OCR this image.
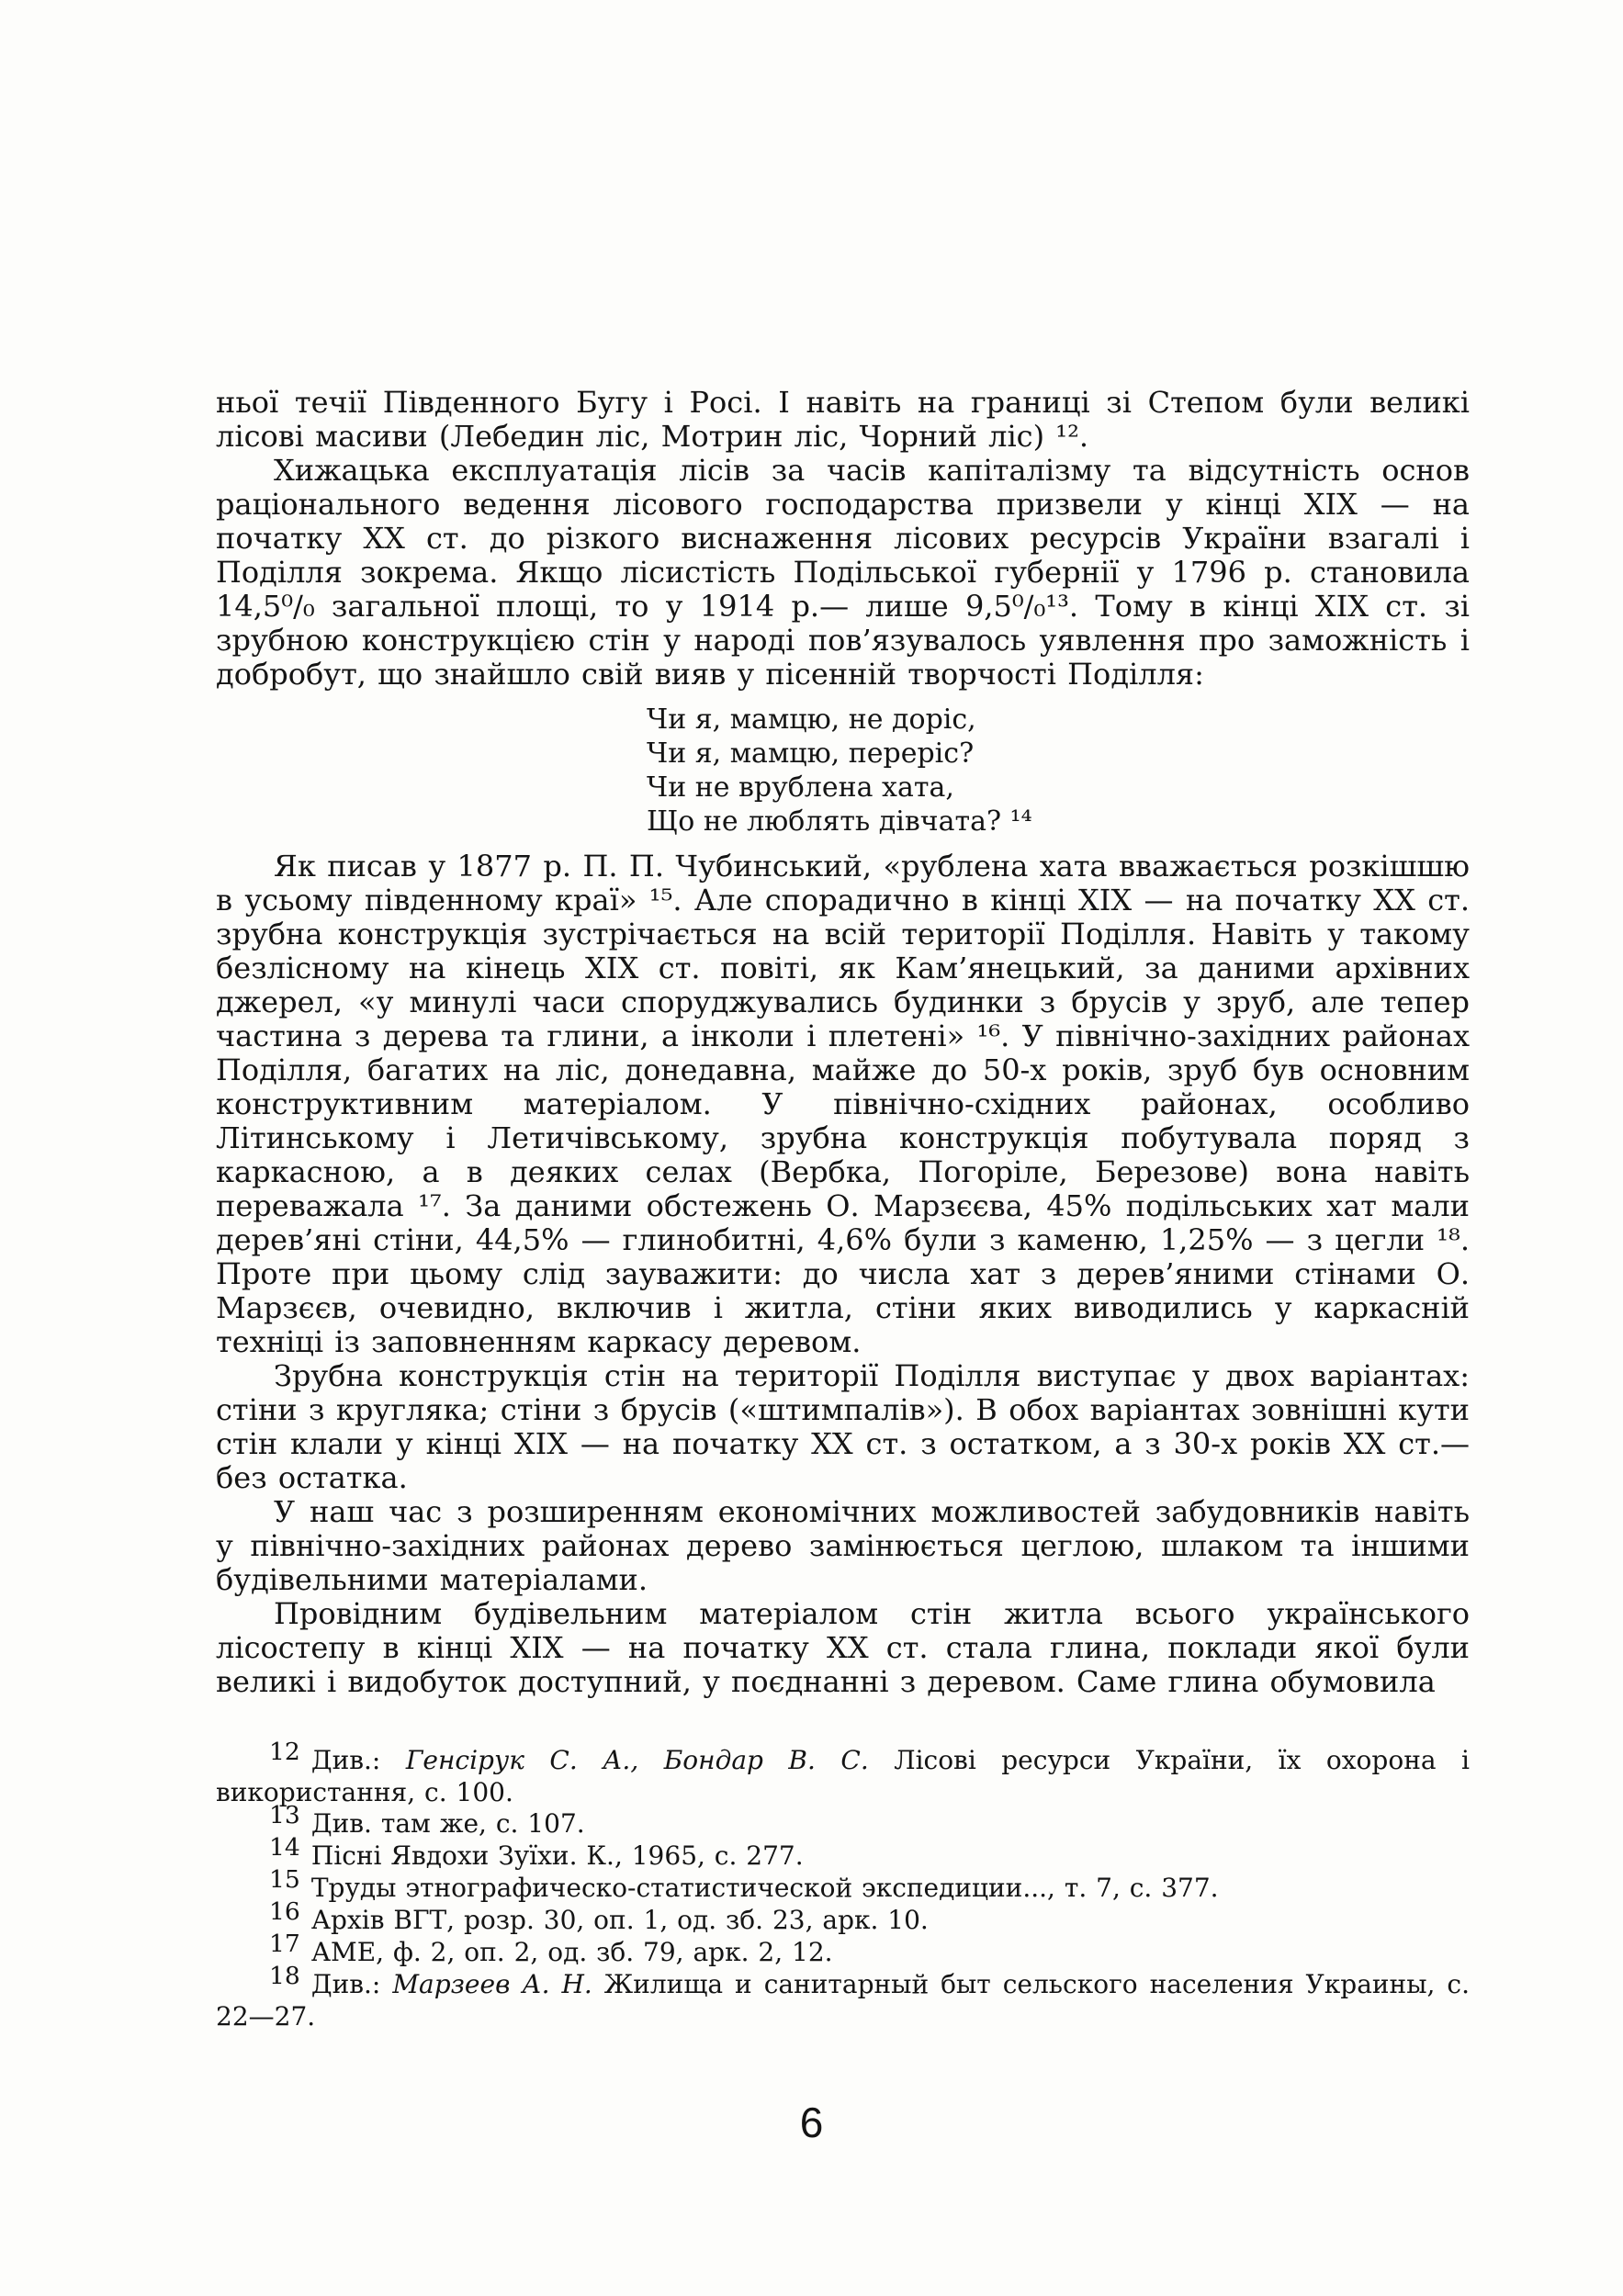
ньої течії Південного Бугу і Росі. І навіть на границі зі Степом були великі лісові масиви (Лебедин ліс, Мотрин ліс, Чорний ліс) ¹².

Хижацька експлуатація лісів за часів капіталізму та відсутність основ раціонального ведення лісового господарства призвели у кінці XIX — на початку XX ст. до різкого виснаження лісових ресурсів України взагалі і Поділля зокрема. Якщо лісистість Подільської губернії у 1796 р. становила 14,5⁰/₀ загальної площі, то у 1914 р.— лише 9,5⁰/₀¹³. Тому в кінці XIX ст. зі зрубною конструкцією стін у народі пов’язувалось уявлення про заможність і добробут, що знайшло свій вияв у пісенній творчості Поділля:

Чи я, мамцю, не доріс,
Чи я, мамцю, переріс?
Чи не врублена хата,
Що не люблять дівчата? ¹⁴

Як писав у 1877 р. П. П. Чубинський, «рублена хата вважається розкішшю в усьому південному краї» ¹⁵. Але спорадично в кінці XIX — на початку XX ст. зрубна конструкція зустрічається на всій території Поділля. Навіть у такому безлісному на кінець XIX ст. повіті, як Кам’янецький, за даними архівних джерел, «у минулі часи споруджувались будинки з брусів у зруб, але тепер частина з дерева та глини, а інколи і плетені» ¹⁶. У північно-західних районах Поділля, багатих на ліс, донедавна, майже до 50-х років, зруб був основним конструктивним матеріалом. У північно-східних районах, особливо Літинському і Летичівському, зрубна конструкція побутувала поряд з каркасною, а в деяких селах (Вербка, Погоріле, Березове) вона навіть переважала ¹⁷. За даними обстежень О. Марзєєва, 45% подільських хат мали дерев’яні стіни, 44,5% — глинобитні, 4,6% були з каменю, 1,25% — з цегли ¹⁸. Проте при цьому слід зауважити: до числа хат з дерев’яними стінами О. Марзєєв, очевидно, включив і житла, стіни яких виводились у каркасній техніці із заповненням каркасу деревом.

Зрубна конструкція стін на території Поділля виступає у двох варіантах: стіни з кругляка; стіни з брусів («штимпалів»). В обох варіантах зовнішні кути стін клали у кінці XIX — на початку XX ст. з остатком, а з 30-х років XX ст.— без остатка.

У наш час з розширенням економічних можливостей забудовників навіть у північно-західних районах дерево замінюється цеглою, шлаком та іншими будівельними матеріалами.

Провідним будівельним матеріалом стін житла всього українського лісостепу в кінці XIX — на початку XX ст. стала глина, поклади якої були великі і видобуток доступний, у поєднанні з деревом. Саме глина обумовила

12 Див.: Генсірук С. А., Бондар В. С. Лісові ресурси України, їх охорона і використання, с. 100.

13 Див. там же, с. 107.

14 Пісні Явдохи Зуїхи. К., 1965, с. 277.

15 Труды этнографическо-статистической экспедиции..., т. 7, с. 377.

16 Архів ВГТ, розр. 30, оп. 1, од. зб. 23, арк. 10.

17 АМЕ, ф. 2, оп. 2, од. зб. 79, арк. 2, 12.

18 Див.: Марзеев А. Н. Жилища и санитарный быт сельского населения Украины, с. 22—27.

6
